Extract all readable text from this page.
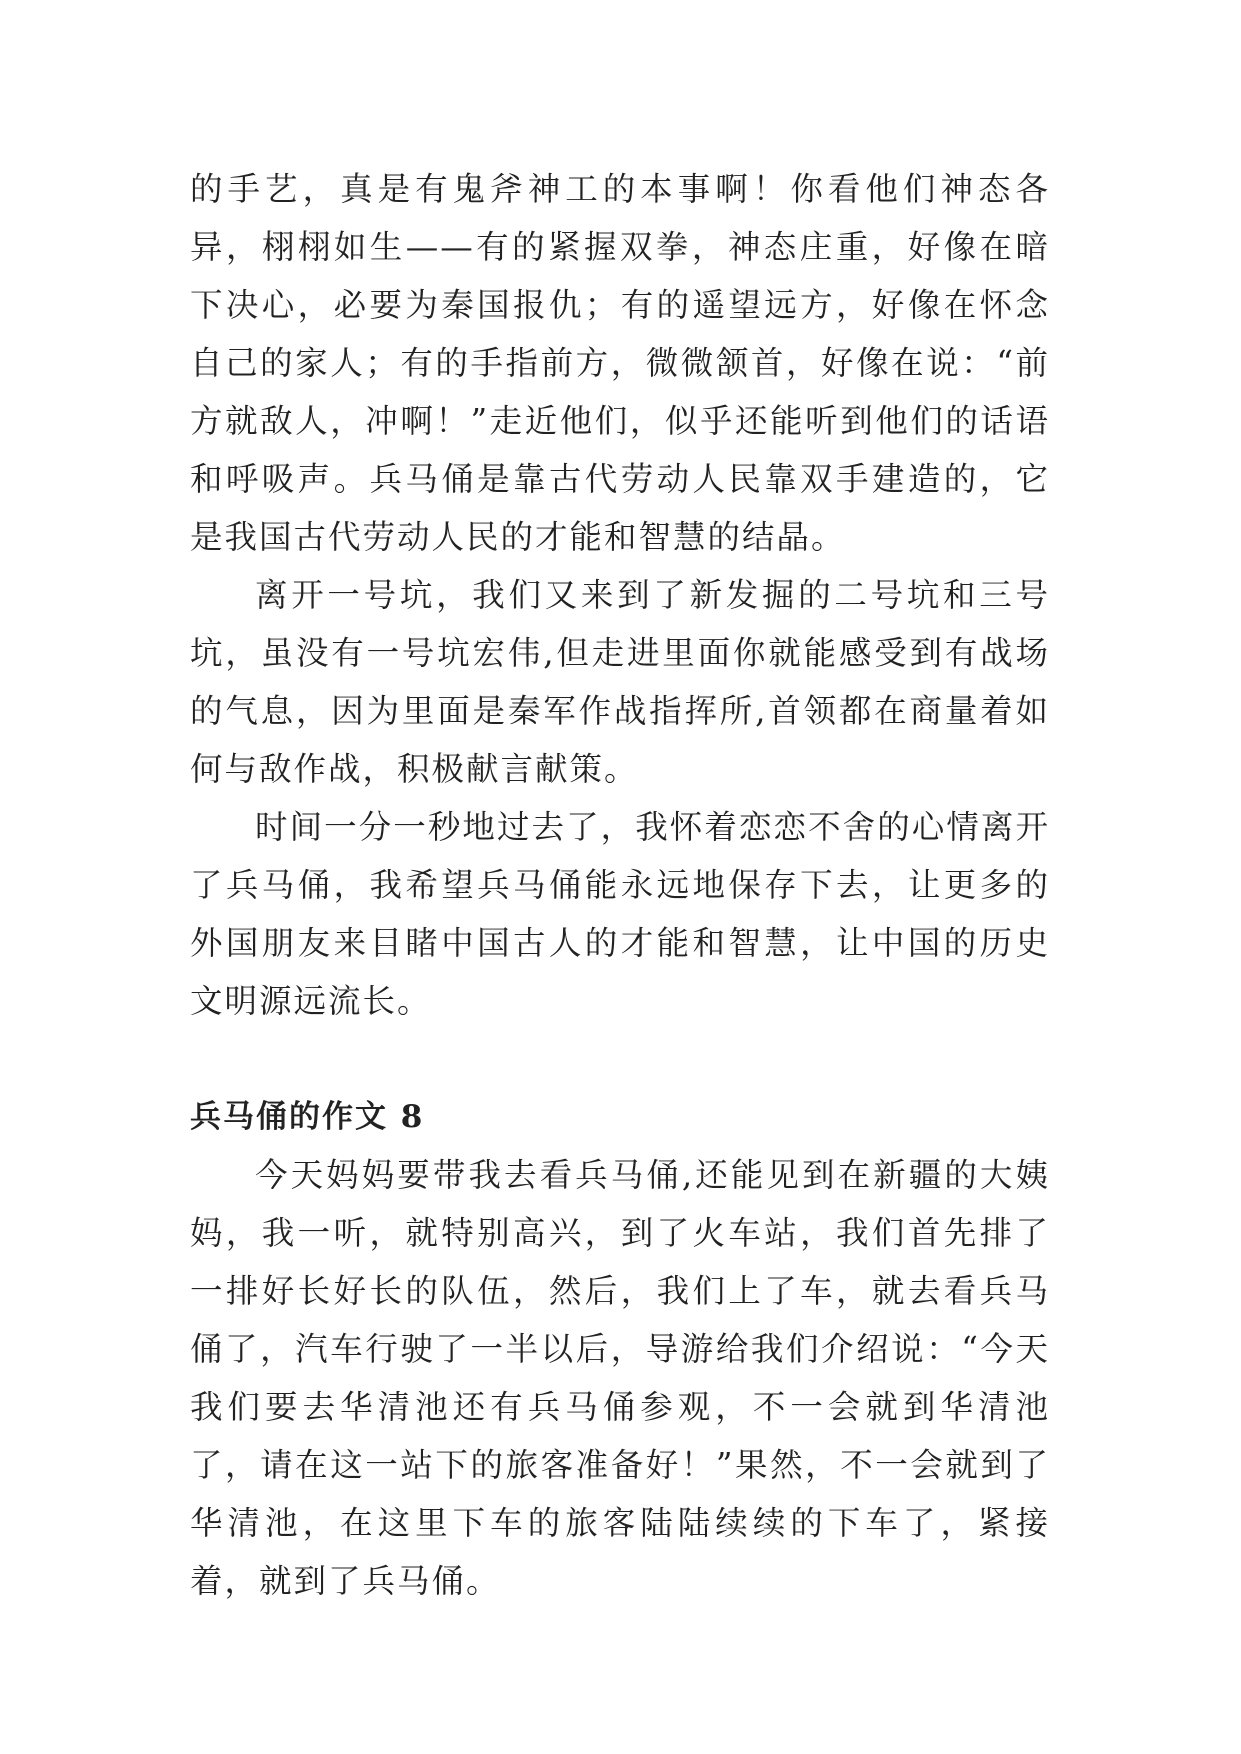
的手艺，真是有鬼斧神工的本事啊！你看他们神态各异，栩栩如生——有的紧握双拳，神态庄重，好像在暗下决心，必要为秦国报仇；有的遥望远方，好像在怀念自己的家人；有的手指前方，微微颔首，好像在说：“前方就敌人，冲啊！”走近他们，似乎还能听到他们的话语和呼吸声。兵马俑是靠古代劳动人民靠双手建造的，它是我国古代劳动人民的才能和智慧的结晶。

离开一号坑，我们又来到了新发掘的二号坑和三号坑，虽没有一号坑宏伟,但走进里面你就能感受到有战场的气息，因为里面是秦军作战指挥所,首领都在商量着如何与敌作战，积极献言献策。

时间一分一秒地过去了，我怀着恋恋不舍的心情离开了兵马俑，我希望兵马俑能永远地保存下去，让更多的外国朋友来目睹中国古人的才能和智慧，让中国的历史文明源远流长。

兵马俑的作文 8

今天妈妈要带我去看兵马俑,还能见到在新疆的大姨妈，我一听，就特别高兴，到了火车站，我们首先排了一排好长好长的队伍，然后，我们上了车，就去看兵马俑了，汽车行驶了一半以后，导游给我们介绍说：“今天我们要去华清池还有兵马俑参观，不一会就到华清池了，请在这一站下的旅客准备好！”果然，不一会就到了华清池，在这里下车的旅客陆陆续续的下车了，紧接着，就到了兵马俑。
